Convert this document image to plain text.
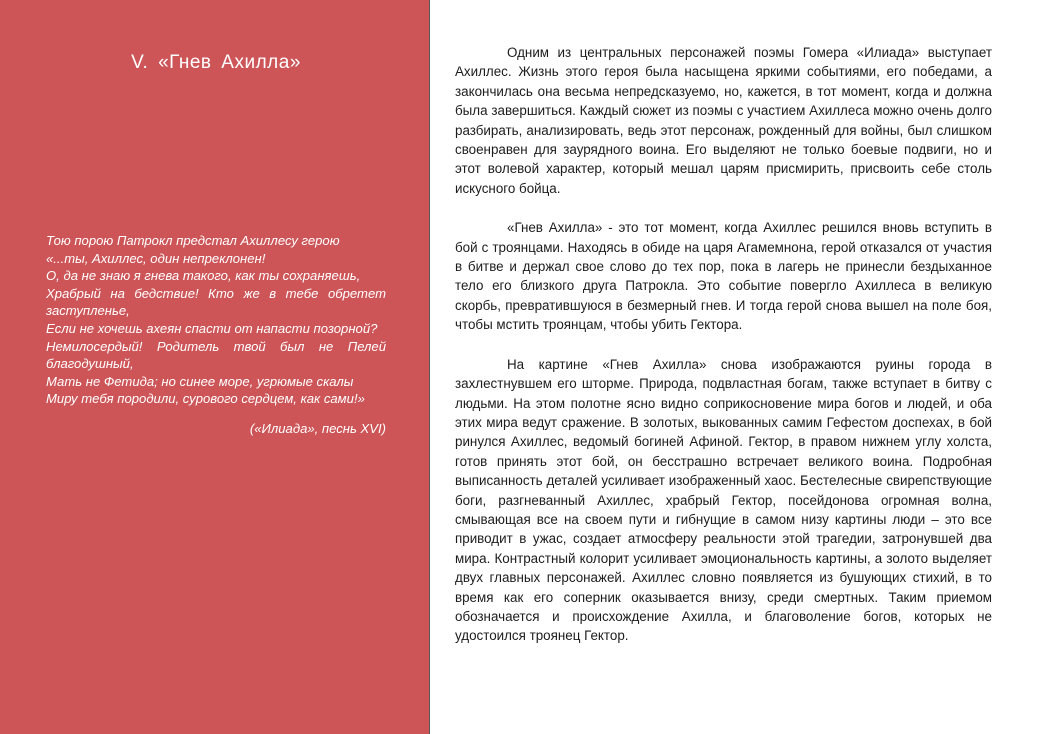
V. «Гнев Ахилла»
Тою порою Патрокл предстал Ахиллесу герою
«...ты, Ахиллес, один непреклонен!
О, да не знаю я гнева такого, как ты сохраняешь,
Храбрый на бедствие! Кто же в тебе обретет заступленье,
Если не хочешь ахеян спасти от напасти позорной?
Немилосердый! Родитель твой был не Пелей благодушный,
Мать не Фетида; но синее море, угрюмые скалы
Миру тебя породили, сурового сердцем, как сами!»
(«Илиада», песнь XVI)

Одним из центральных персонажей поэмы Гомера «Илиада» выступает Ахиллес. Жизнь этого героя была насыщена яркими событиями, его победами, а закончилась она весьма непредсказуемо, но, кажется, в тот момент, когда и должна была завершиться. Каждый сюжет из поэмы с участием Ахиллеса можно очень долго разбирать, анализировать, ведь этот персонаж, рожденный для войны, был слишком своенравен для заурядного воина. Его выделяют не только боевые подвиги, но и этот волевой характер, который мешал царям присмирить, присвоить себе столь искусного бойца.

«Гнев Ахилла» - это тот момент, когда Ахиллес решился вновь вступить в бой с троянцами. Находясь в обиде на царя Агамемнона, герой отказался от участия в битве и держал свое слово до тех пор, пока в лагерь не принесли бездыханное тело его близкого друга Патрокла. Это событие повергло Ахиллеса в великую скорбь, превратившуюся в безмерный гнев. И тогда герой снова вышел на поле боя, чтобы мстить троянцам, чтобы убить Гектора.

На картине «Гнев Ахилла» снова изображаются руины города в захлестнувшем его шторме. Природа, подвластная богам, также вступает в битву с людьми. На этом полотне ясно видно соприкосновение мира богов и людей, и оба этих мира ведут сражение. В золотых, выкованных самим Гефестом доспехах, в бой ринулся Ахиллес, ведомый богиней Афиной. Гектор, в правом нижнем углу холста, готов принять этот бой, он бесстрашно встречает великого воина. Подробная выписанность деталей усиливает изображенный хаос. Бестелесные свирепствующие боги, разгневанный Ахиллес, храбрый Гектор, посейдонова огромная волна, смывающая все на своем пути и гибнущие в самом низу картины люди – это все приводит в ужас, создает атмосферу реальности этой трагедии, затронувшей два мира. Контрастный колорит усиливает эмоциональность картины, а золото выделяет двух главных персонажей. Ахиллес словно появляется из бушующих стихий, в то время как его соперник оказывается внизу, среди смертных. Таким приемом обозначается и происхождение Ахилла, и благоволение богов, которых не удостоился троянец Гектор.
